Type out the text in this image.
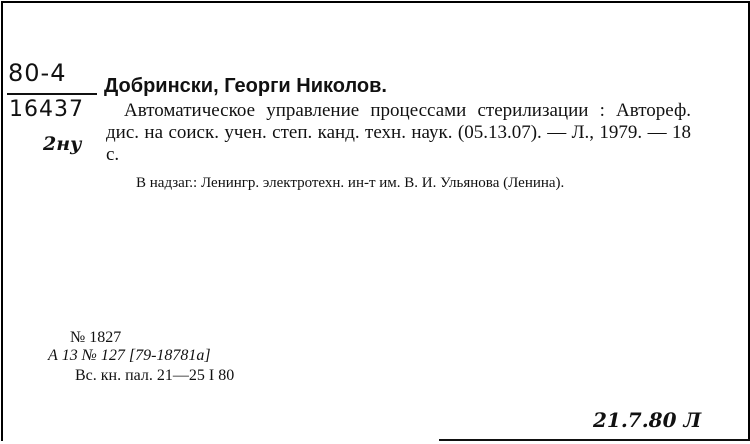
80-4
16437
2ну
Добрински, Георги Николов.
Автоматическое управление процессами стерилизации : Автореф. дис. на соиск. учен. степ. канд. техн. наук. (05.13.07). — Л., 1979. — 18 с.
В надзаг.: Ленингр. электротехн. ин-т им. В. И. Ульянова (Ленина).
№ 1827
А 13 № 127 [79-18781а]
Вс. кн. пал. 21—25 I 80
21.7.80 Л
